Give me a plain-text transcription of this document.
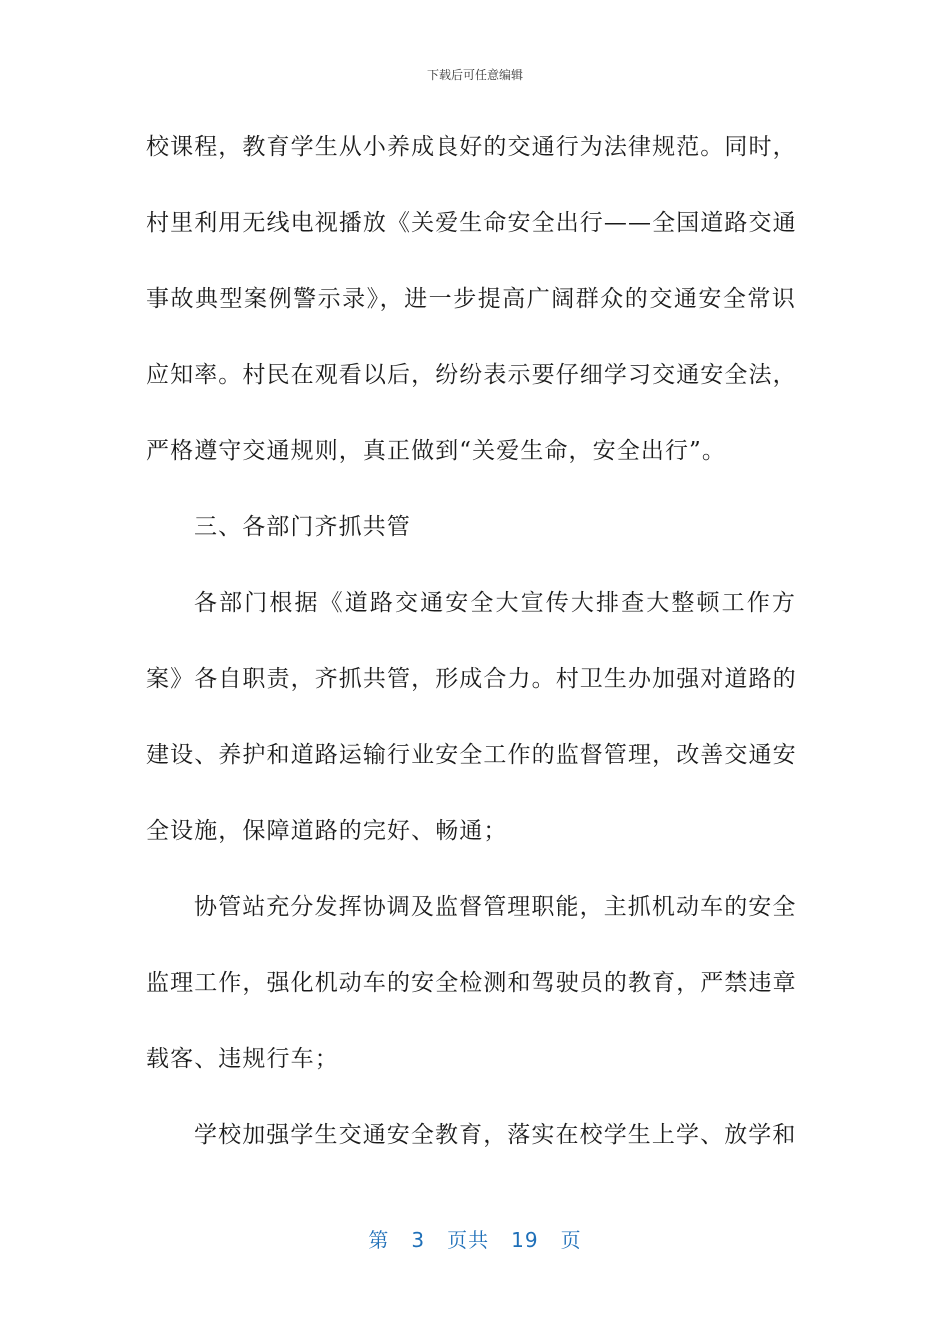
下载后可任意编辑
校课程，教育学生从小养成良好的交通行为法律规范。同时，
村里利用无线电视播放《关爱生命安全出行——全国道路交通
事故典型案例警示录》，进一步提高广阔群众的交通安全常识
应知率。村民在观看以后，纷纷表示要仔细学习交通安全法，
严格遵守交通规则，真正做到“关爱生命，安全出行”。
三、各部门齐抓共管
各部门根据《道路交通安全大宣传大排查大整顿工作方
案》各自职责，齐抓共管，形成合力。村卫生办加强对道路的
建设、养护和道路运输行业安全工作的监督管理，改善交通安
全设施，保障道路的完好、畅通；
协管站充分发挥协调及监督管理职能，主抓机动车的安全
监理工作，强化机动车的安全检测和驾驶员的教育，严禁违章
载客、违规行车；
学校加强学生交通安全教育，落实在校学生上学、放学和
第 3 页共 19 页
